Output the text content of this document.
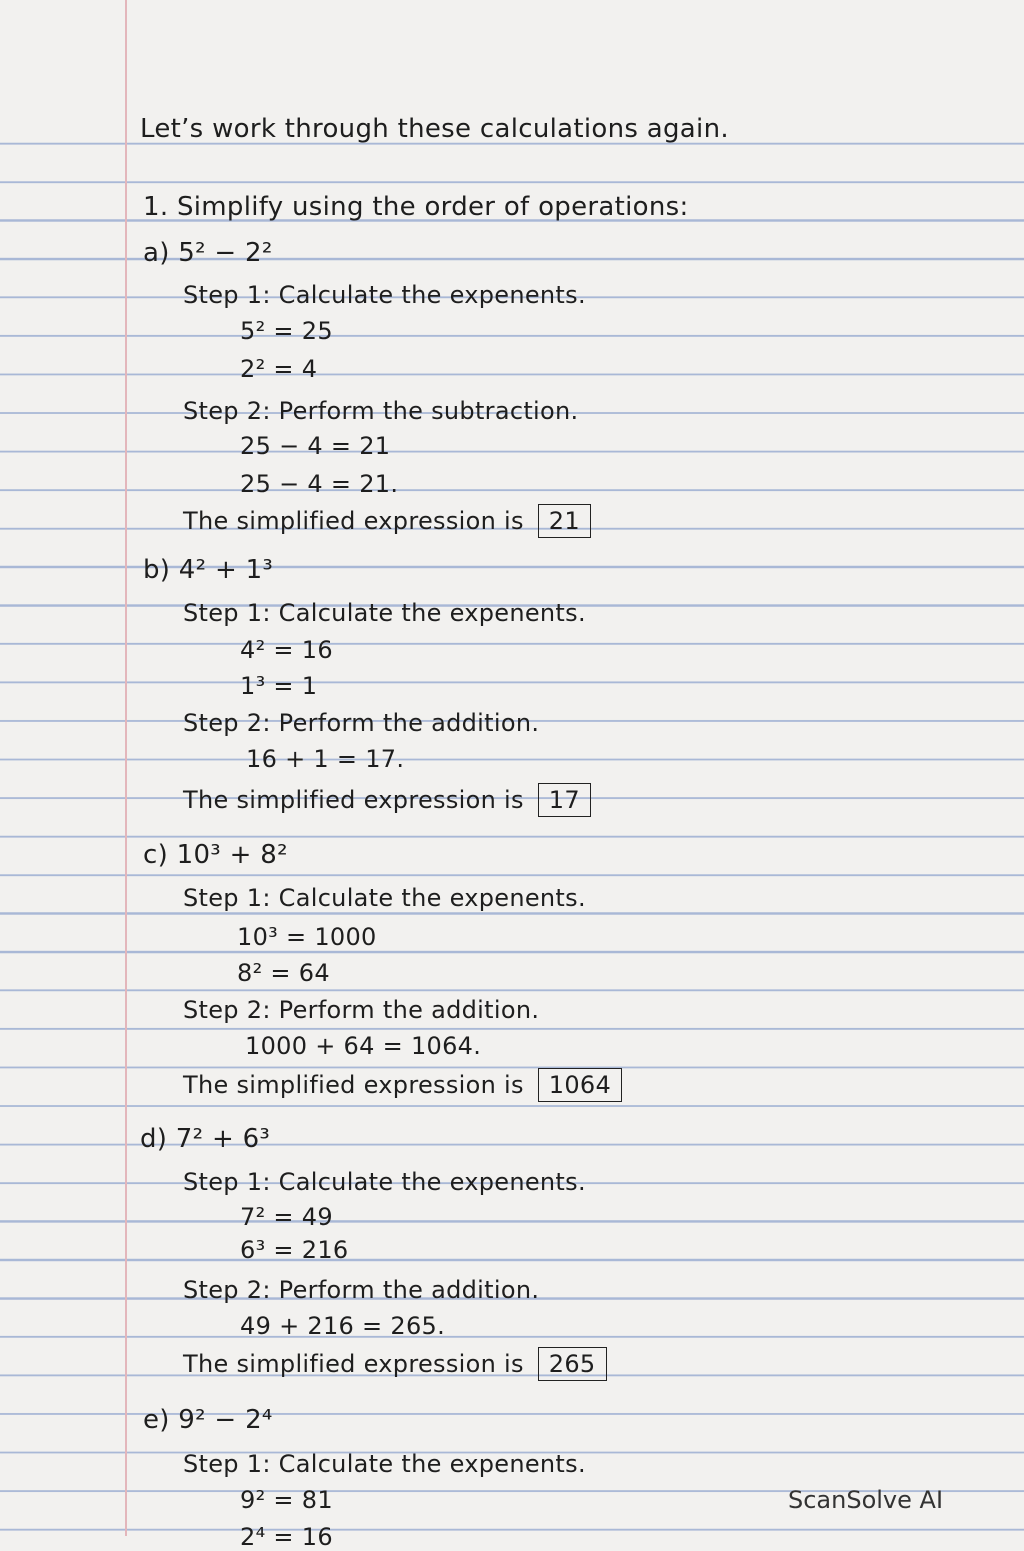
Let’s work through these calculations again.
1. Simplify using the order of operations:
a) 5² − 2²
Step 1: Calculate the expenents.
5² = 25
2² = 4
Step 2: Perform the subtraction.
25 − 4 = 21
25 − 4 = 21.
The simplified expression is 21
b) 4² + 1³
Step 1: Calculate the expenents.
4² = 16
1³ = 1
Step 2: Perform the addition.
16 + 1 = 17.
The simplified expression is 17
c) 10³ + 8²
Step 1: Calculate the expenents.
10³ = 1000
8² = 64
Step 2: Perform the addition.
1000 + 64 = 1064.
The simplified expression is 1064
d) 7² + 6³
Step 1: Calculate the expenents.
7² = 49
6³ = 216
Step 2: Perform the addition.
49 + 216 = 265.
The simplified expression is 265
e) 9² − 2⁴
Step 1: Calculate the expenents.
9² = 81
2⁴ = 16
ScanSolve AI
